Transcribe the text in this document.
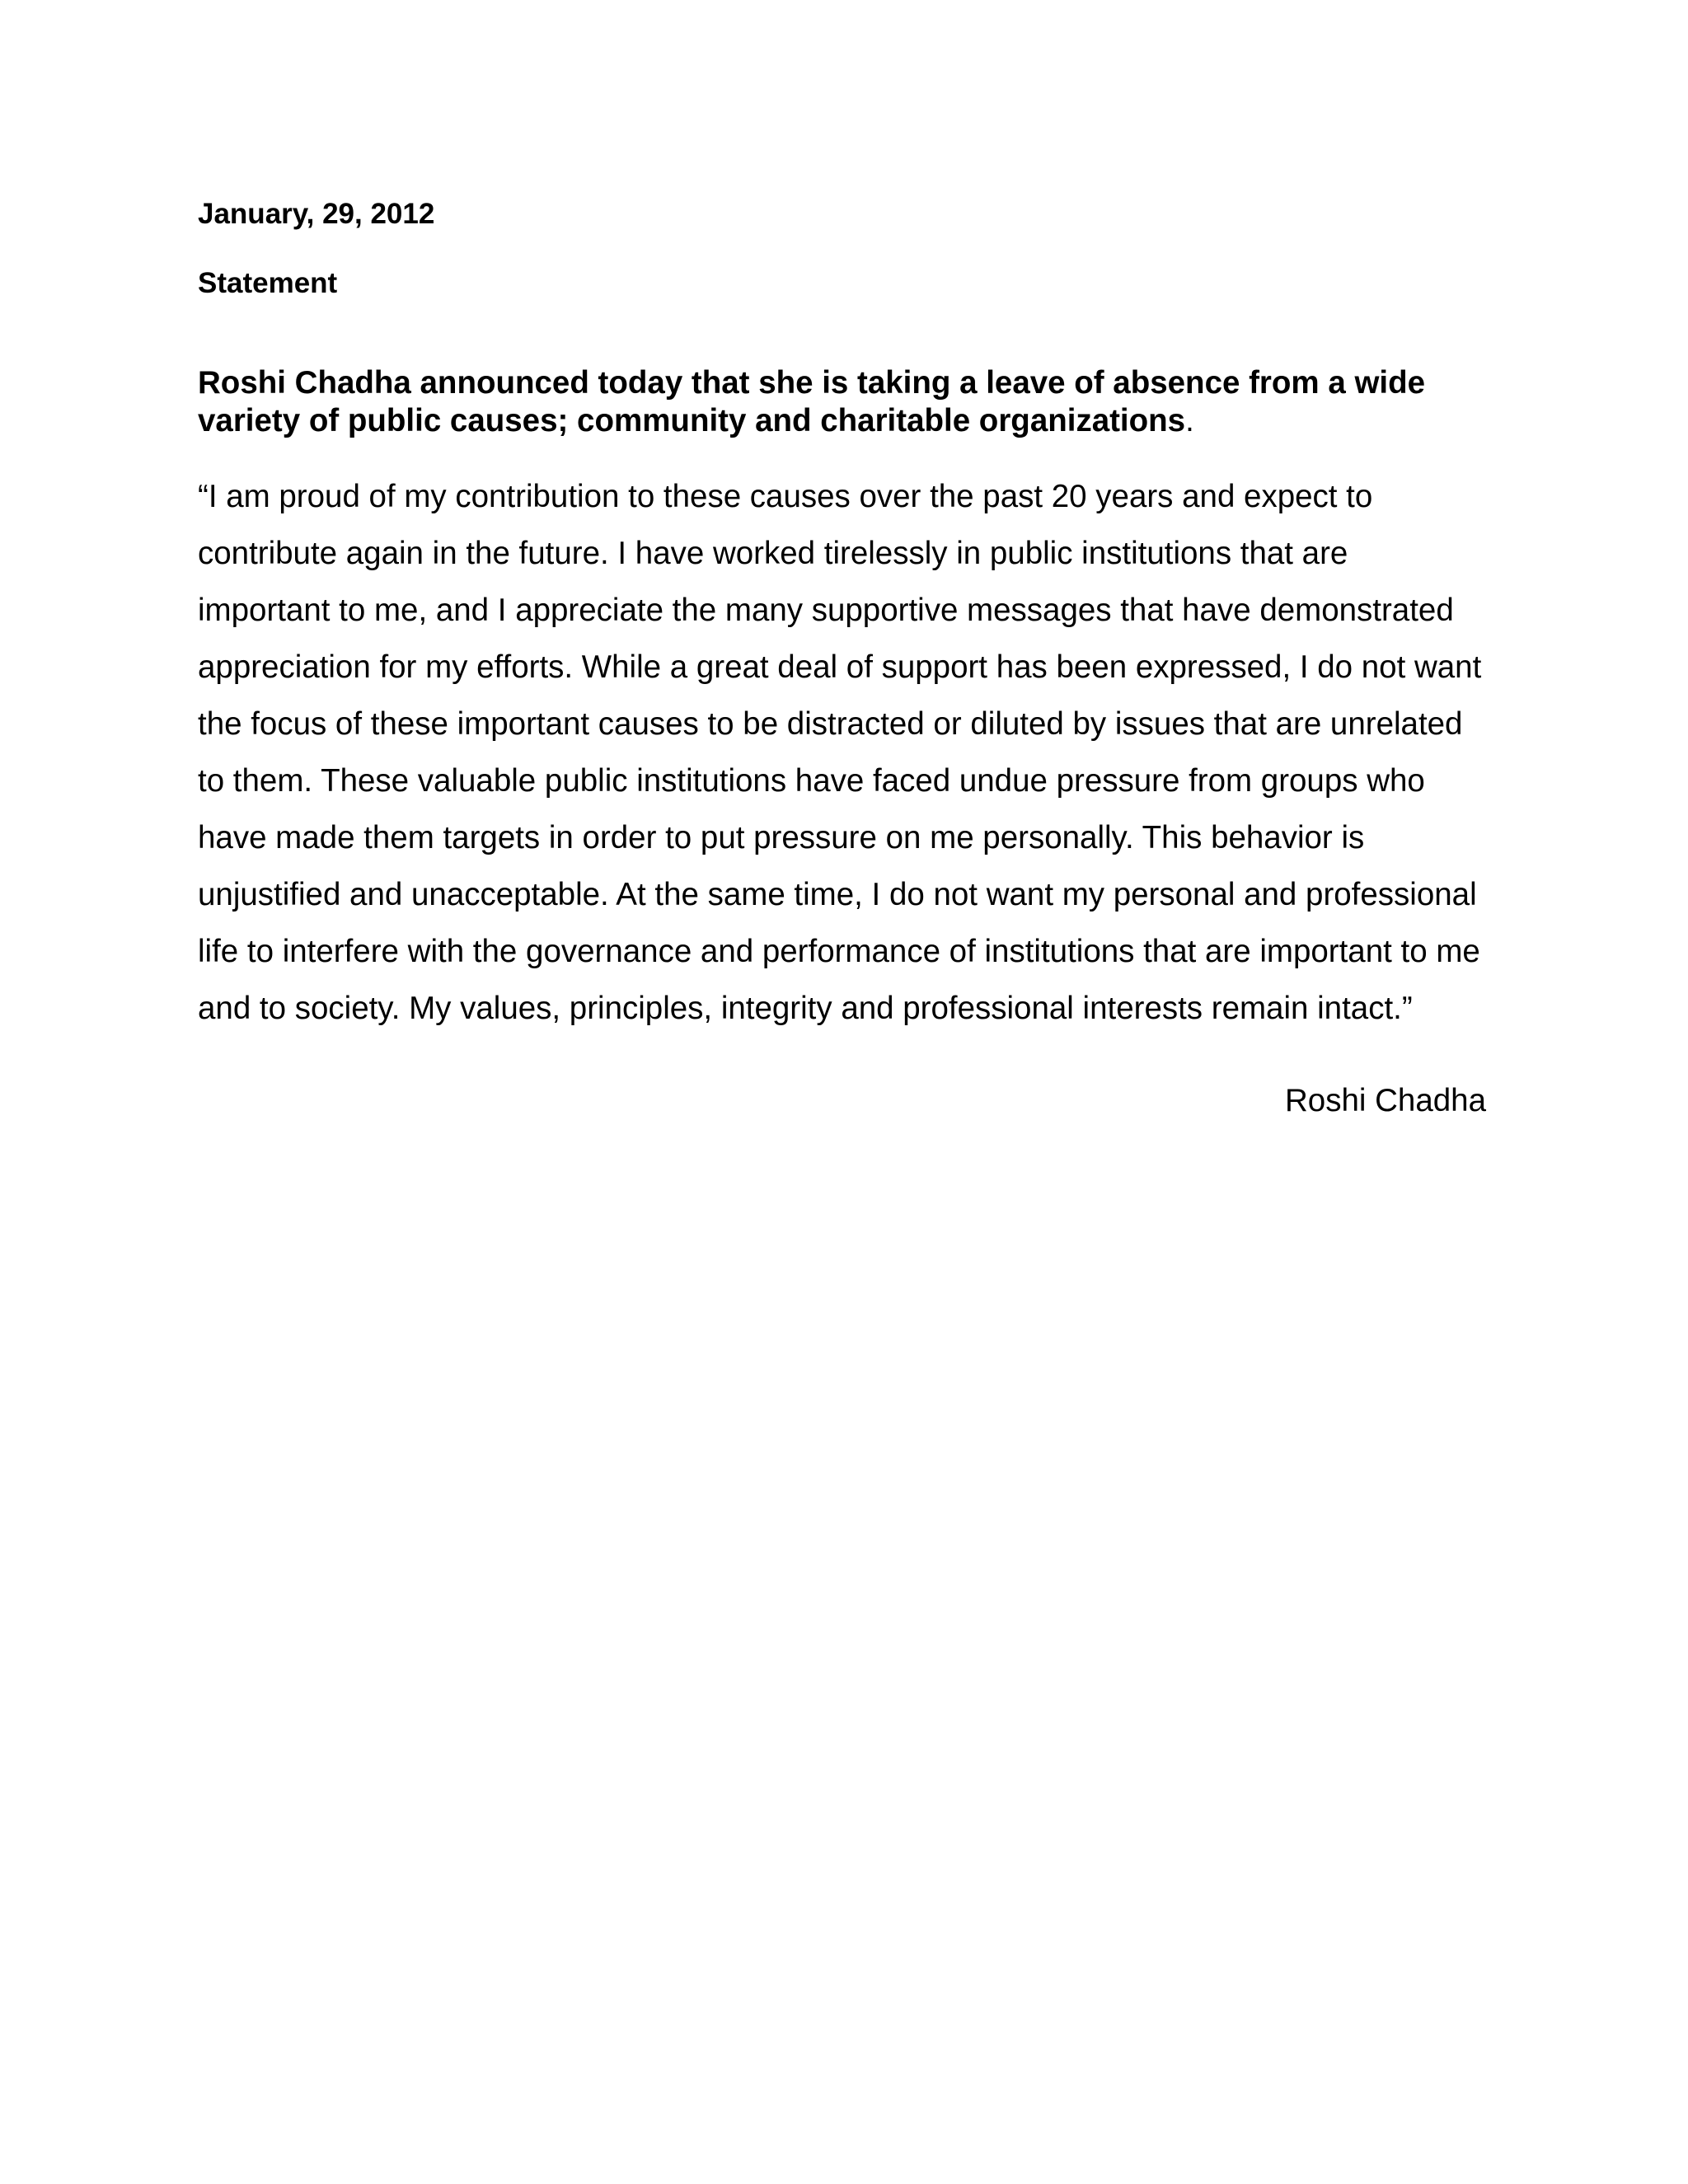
January, 29, 2012

Statement

Roshi Chadha announced today that she is taking a leave of absence from a wide variety of public causes; community and charitable organizations.

“I am proud of my contribution to these causes over the past 20 years and expect to contribute again in the future. I have worked tirelessly in public institutions that are important to me, and I appreciate the many supportive messages that have demonstrated appreciation for my efforts. While a great deal of support has been expressed, I do not want the focus of these important causes to be distracted or diluted by issues that are unrelated to them. These valuable public institutions have faced undue pressure from groups who have made them targets in order to put pressure on me personally. This behavior is unjustified and unacceptable. At the same time, I do not want my personal and professional life to interfere with the governance and performance of institutions that are important to me and to society. My values, principles, integrity and professional interests remain intact.”

Roshi Chadha
